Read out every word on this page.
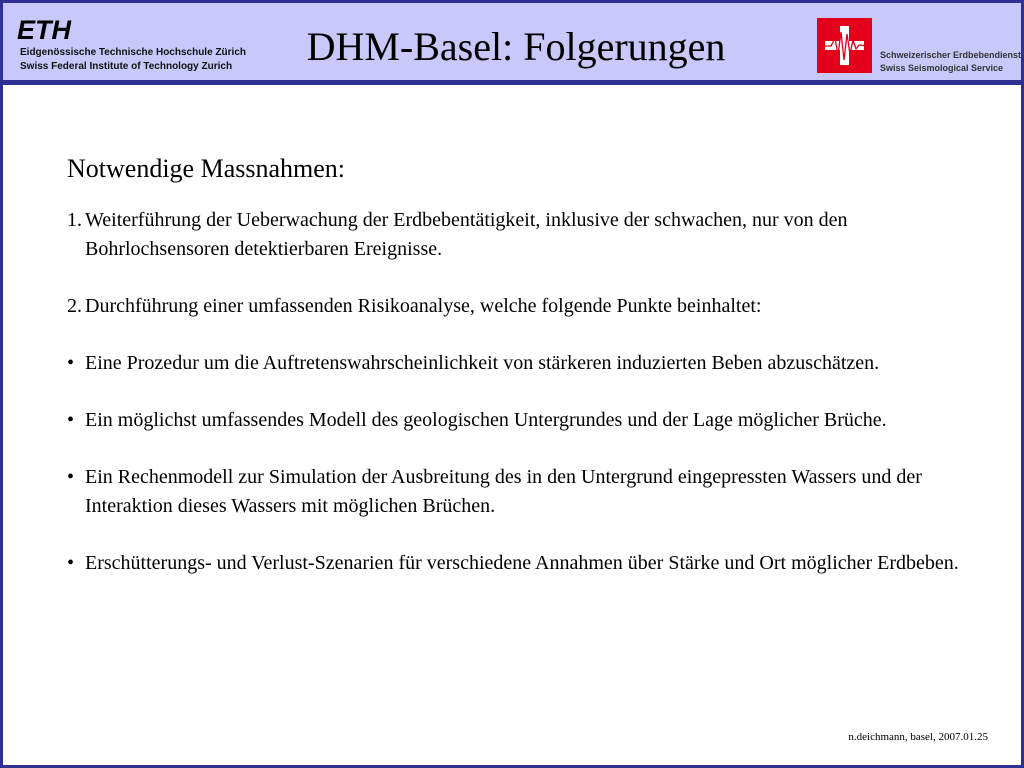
ETH
Eidgenössische Technische Hochschule Zürich
Swiss Federal Institute of Technology Zurich	DHM-Basel: Folgerungen	Schweizerischer Erdbebendienst
Swiss Seismological Service
Notwendige Massnahmen:
1. Weiterführung der Ueberwachung der Erdbebentätigkeit, inklusive der schwachen, nur von den Bohrlochsensoren detektierbaren Ereignisse.
2. Durchführung einer umfassenden Risikoanalyse, welche folgende Punkte beinhaltet:
• Eine Prozedur um die Auftretenswahrscheinlichkeit von stärkeren induzierten Beben abzuschätzen.
• Ein möglichst umfassendes Modell des geologischen Untergrundes und der Lage möglicher Brüche.
• Ein Rechenmodell zur Simulation der Ausbreitung des in den Untergrund eingepressten Wassers und der Interaktion dieses Wassers mit möglichen Brüchen.
• Erschütterungs- und Verlust-Szenarien für verschiedene Annahmen über Stärke und Ort möglicher Erdbeben.
n.deichmann, basel, 2007.01.25
